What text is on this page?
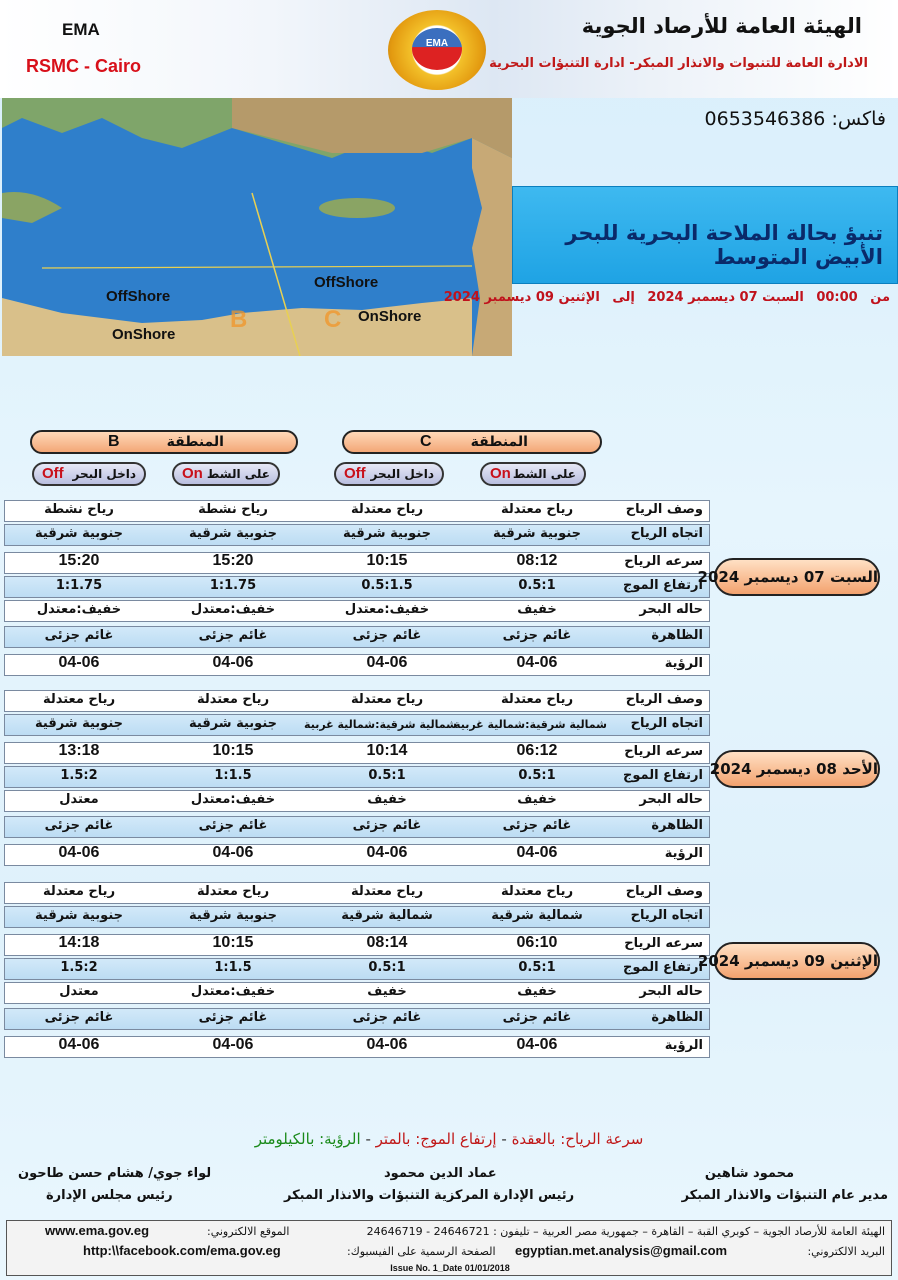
EMA
RSMC - Cairo
EMA
الهيئة العامة للأرصاد الجوية
الادارة العامة للتنبوات والانذار المبكر- ادارة التنبؤات البحرية
OffShore
OffShore
OnShore
OnShore
B	C
فاكس: 0653546386
تنبؤ بحالة الملاحة البحرية للبحر الأبيض المتوسط
من 00:00 السبت 07 ديسمبر 2024 إلى الإثنين 09 ديسمبر 2024
المنطقة
C
المنطقة
B
على الشط
On
داخل البحر
Off
على الشط
On
داخل البحر
Off
وصف الرياح
رياح معتدلة
رياح معتدلة
رياح نشطة
رياح نشطة
اتجاه الرياح
جنوبية شرقية
جنوبية شرقية
جنوبية شرقية
جنوبية شرقية
سرعه الرياح
08:12
10:15
15:20
15:20
ارتفاع الموج
0.5:1
0.5:1.5
1:1.75
1:1.75
حاله البحر
خفيف
خفيف:معتدل
خفيف:معتدل
خفيف:معتدل
الظاهرة
غائم جزئى
غائم جزئى
غائم جزئى
غائم جزئى
الرؤية
04-06
04-06
04-06
04-06
السبت 07 ديسمبر 2024
وصف الرياح
رياح معتدلة
رياح معتدلة
رياح معتدلة
رياح معتدلة
اتجاه الرياح
شمالية شرقية:شمالية غربية
شمالية شرقية:شمالية غربية
جنوبية شرقية
جنوبية شرقية
سرعه الرياح
06:12
10:14
10:15
13:18
ارتفاع الموج
0.5:1
0.5:1
1:1.5
1.5:2
حاله البحر
خفيف
خفيف
خفيف:معتدل
معتدل
الظاهرة
غائم جزئى
غائم جزئى
غائم جزئى
غائم جزئى
الرؤية
04-06
04-06
04-06
04-06
الأحد 08 ديسمبر 2024
وصف الرياح
رياح معتدلة
رياح معتدلة
رياح معتدلة
رياح معتدلة
اتجاه الرياح
شمالية شرقية
شمالية شرقية
جنوبية شرقية
جنوبية شرقية
سرعه الرياح
06:10
08:14
10:15
14:18
ارتفاع الموج
0.5:1
0.5:1
1:1.5
1.5:2
حاله البحر
خفيف
خفيف
خفيف:معتدل
معتدل
الظاهرة
غائم جزئى
غائم جزئى
غائم جزئى
غائم جزئى
الرؤية
04-06
04-06
04-06
04-06
الإثنين 09 ديسمبر 2024
سرعة الرياح: بالعقدة - إرتفاع الموج: بالمتر - الرؤية: بالكيلومتر
محمود شاهين
مدير عام التنبؤات والانذار المبكر
عماد الدين محمود
رئيس الإدارة المركزية التنبؤات والانذار المبكر
لواء جوي/ هشام حسن طاحون
رئيس مجلس الإدارة
الهيئة العامة للأرصاد الجوية – كوبري القبة – القاهرة – جمهورية مصر العربية – تليفون : 24646721 - 24646719
الموقع الالكتروني:
www.ema.gov.eg
البريد الالكتروني:
egyptian.met.analysis@gmail.com
الصفحة الرسمية على الفيسبوك:
http:\\facebook.com/ema.gov.eg
Issue No. 1_Date 01/01/2018
